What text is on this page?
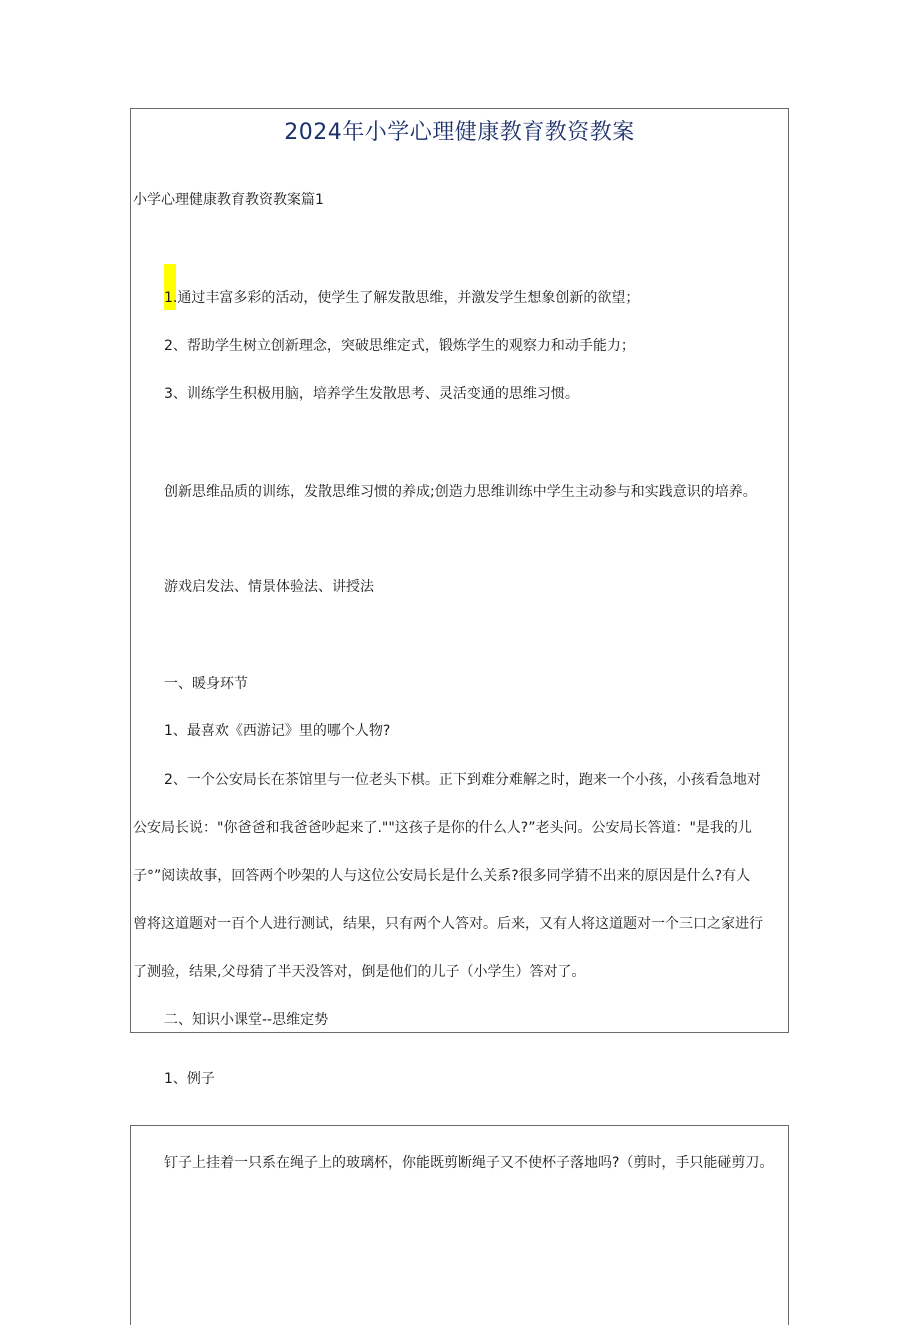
2024年小学心理健康教育教资教案
小学心理健康教育教资教案篇1
1.通过丰富多彩的活动，使学生了解发散思维，并激发学生想象创新的欲望；
2、帮助学生树立创新理念，突破思维定式，锻炼学生的观察力和动手能力；
3、训练学生积极用脑，培养学生发散思考、灵活变通的思维习惯。
创新思维品质的训练，发散思维习惯的养成;创造力思维训练中学生主动参与和实践意识的培养。
游戏启发法、情景体验法、讲授法
一、暖身环节
1、最喜欢《西游记》里的哪个人物?
2、一个公安局长在茶馆里与一位老头下棋。正下到难分难解之时，跑来一个小孩，小孩看急地对
公安局长说："你爸爸和我爸爸吵起来了.""这孩子是你的什么人?”老头问。公安局长答道："是我的儿
子°”阅读故事，回答两个吵架的人与这位公安局长是什么关系?很多同学猜不出来的原因是什么?有人
曾将这道题对一百个人进行测试，结果，只有两个人答对。后来，又有人将这道题对一个三口之家进行
了测验，结果,父母猜了半天没答对，倒是他们的儿子（小学生）答对了。
二、知识小课堂--思维定势
1、例子
钉子上挂着一只系在绳子上的玻璃杯，你能既剪断绳子又不使杯子落地吗?（剪时，手只能碰剪刀。
